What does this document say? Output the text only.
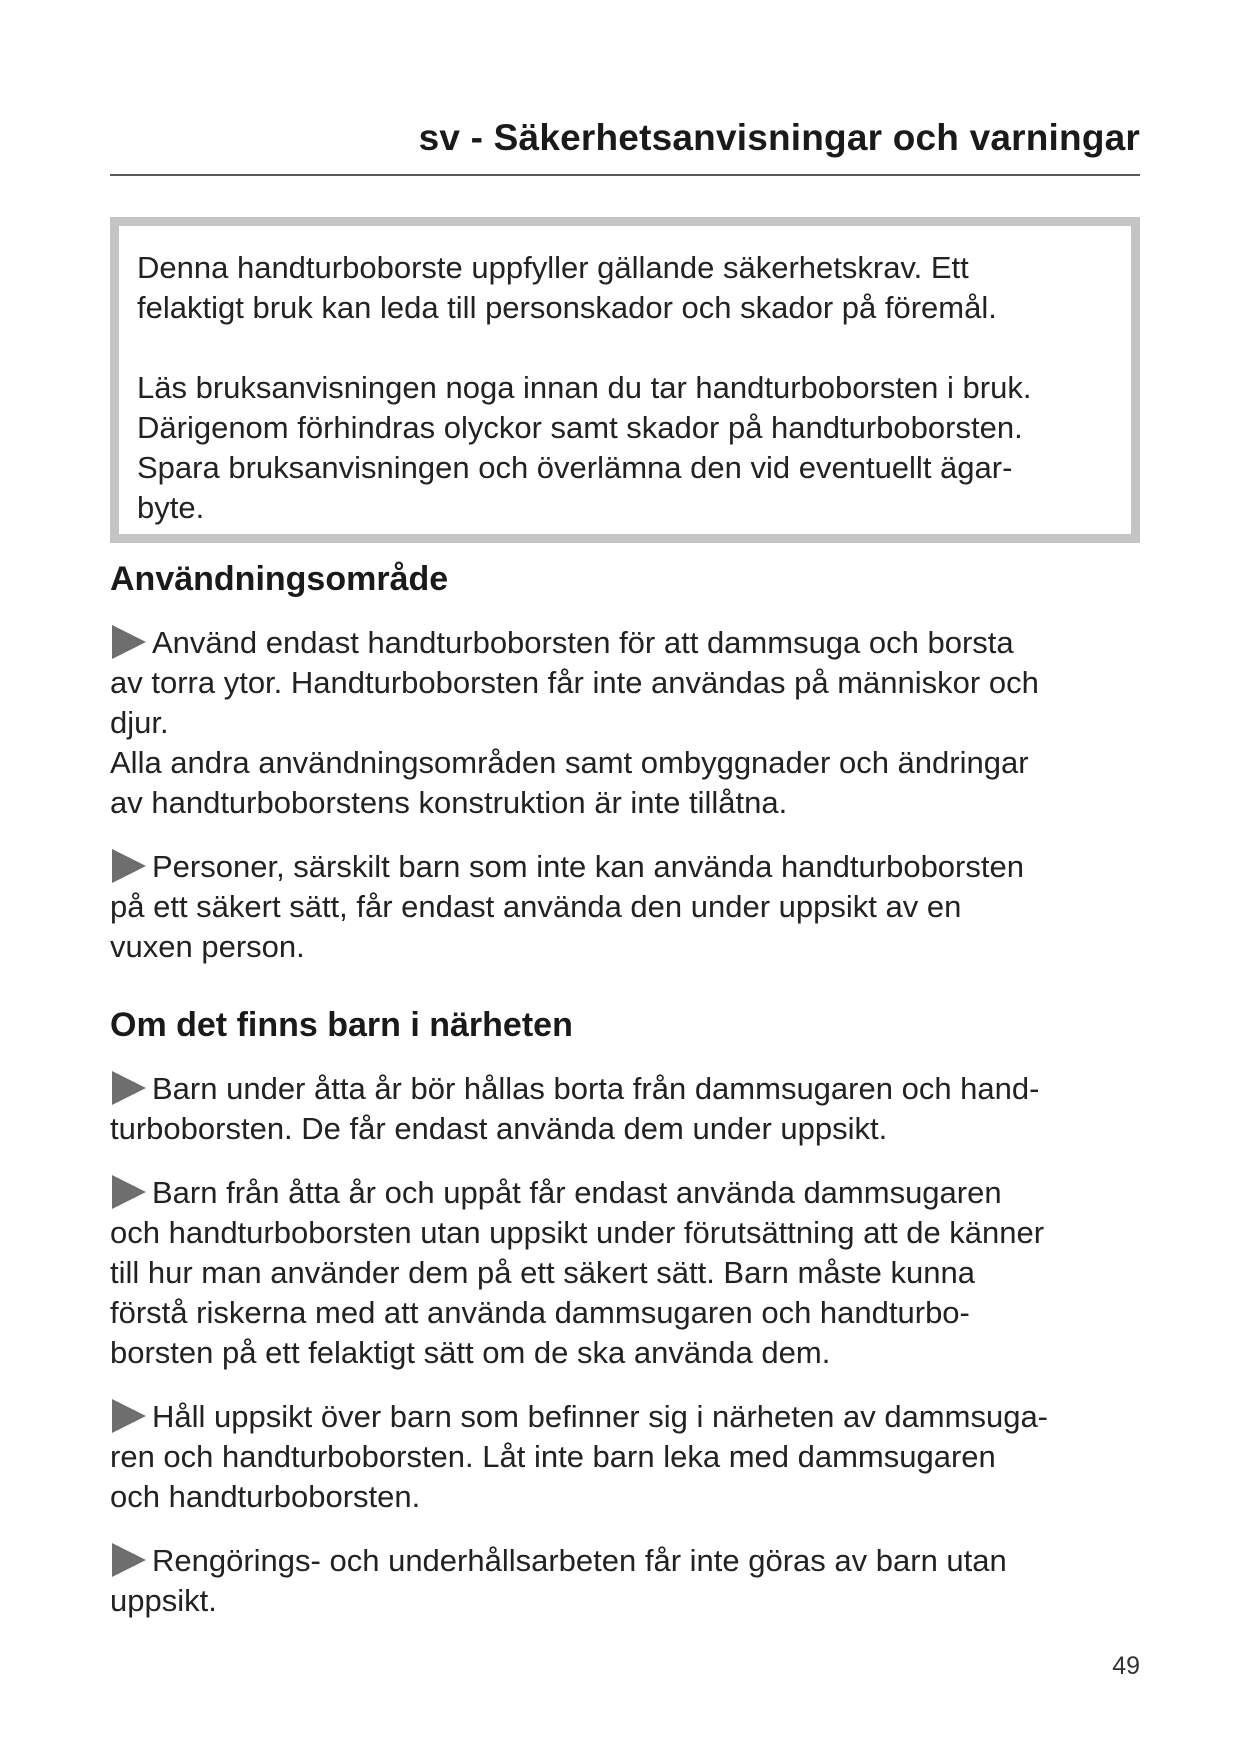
sv - Säkerhetsanvisningar och varningar

Denna handturboborste uppfyller gällande säkerhetskrav. Ett
felaktigt bruk kan leda till personskador och skador på föremål.

Läs bruksanvisningen noga innan du tar handturboborsten i bruk.
Därigenom förhindras olyckor samt skador på handturboborsten.
Spara bruksanvisningen och överlämna den vid eventuellt ägar-
byte.

Användningsområde
Använd endast handturboborsten för att dammsuga och borsta
av torra ytor. Handturboborsten får inte användas på människor och
djur.
Alla andra användningsområden samt ombyggnader och ändringar
av handturboborstens konstruktion är inte tillåtna.
Personer, särskilt barn som inte kan använda handturboborsten
på ett säkert sätt, får endast använda den under uppsikt av en
vuxen person.
Om det finns barn i närheten
Barn under åtta år bör hållas borta från dammsugaren och hand-
turboborsten. De får endast använda dem under uppsikt.
Barn från åtta år och uppåt får endast använda dammsugaren
och handturboborsten utan uppsikt under förutsättning att de känner
till hur man använder dem på ett säkert sätt. Barn måste kunna
förstå riskerna med att använda dammsugaren och handturbo-
borsten på ett felaktigt sätt om de ska använda dem.
Håll uppsikt över barn som befinner sig i närheten av dammsuga-
ren och handturboborsten. Låt inte barn leka med dammsugaren
och handturboborsten.
Rengörings- och underhållsarbeten får inte göras av barn utan
uppsikt.
49
